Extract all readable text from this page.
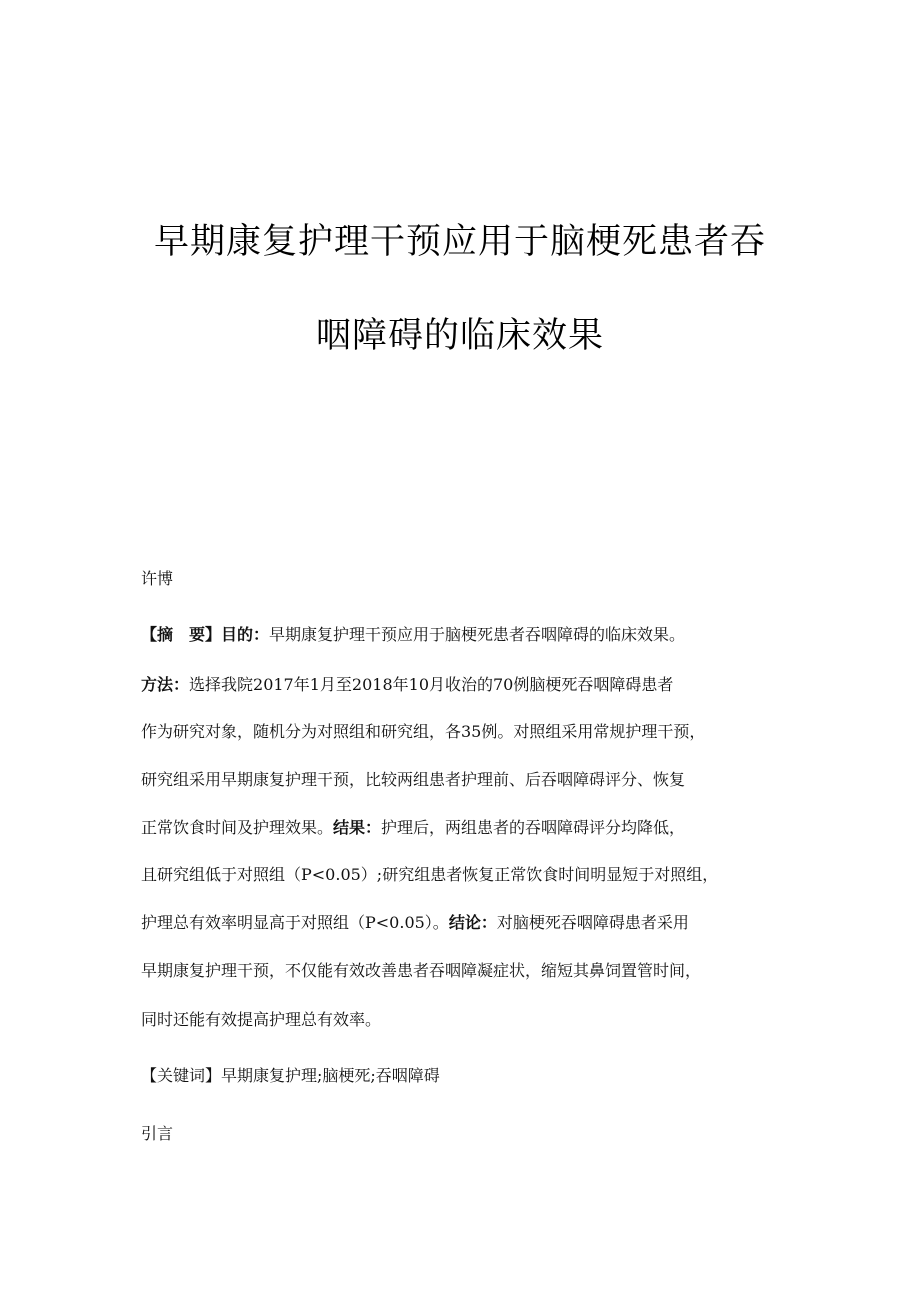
早期康复护理干预应用于脑梗死患者吞
咽障碍的临床效果
许博
【摘　要】目的：早期康复护理干预应用于脑梗死患者吞咽障碍的临床效果。
方法：选择我院2017年1月至2018年10月收治的70例脑梗死吞咽障碍患者
作为研究对象，随机分为对照组和研究组，各35例。对照组采用常规护理干预，
研究组采用早期康复护理干预，比较两组患者护理前、后吞咽障碍评分、恢复
正常饮食时间及护理效果。结果：护理后，两组患者的吞咽障碍评分均降低，
且研究组低于对照组（P<0.05）;研究组患者恢复正常饮食时间明显短于对照组，
护理总有效率明显高于对照组（P<0.05）。结论：对脑梗死吞咽障碍患者采用
早期康复护理干预，不仅能有效改善患者吞咽障凝症状，缩短其鼻饲置管时间，
同时还能有效提高护理总有效率。
【关键词】早期康复护理;脑梗死;吞咽障碍
引言
